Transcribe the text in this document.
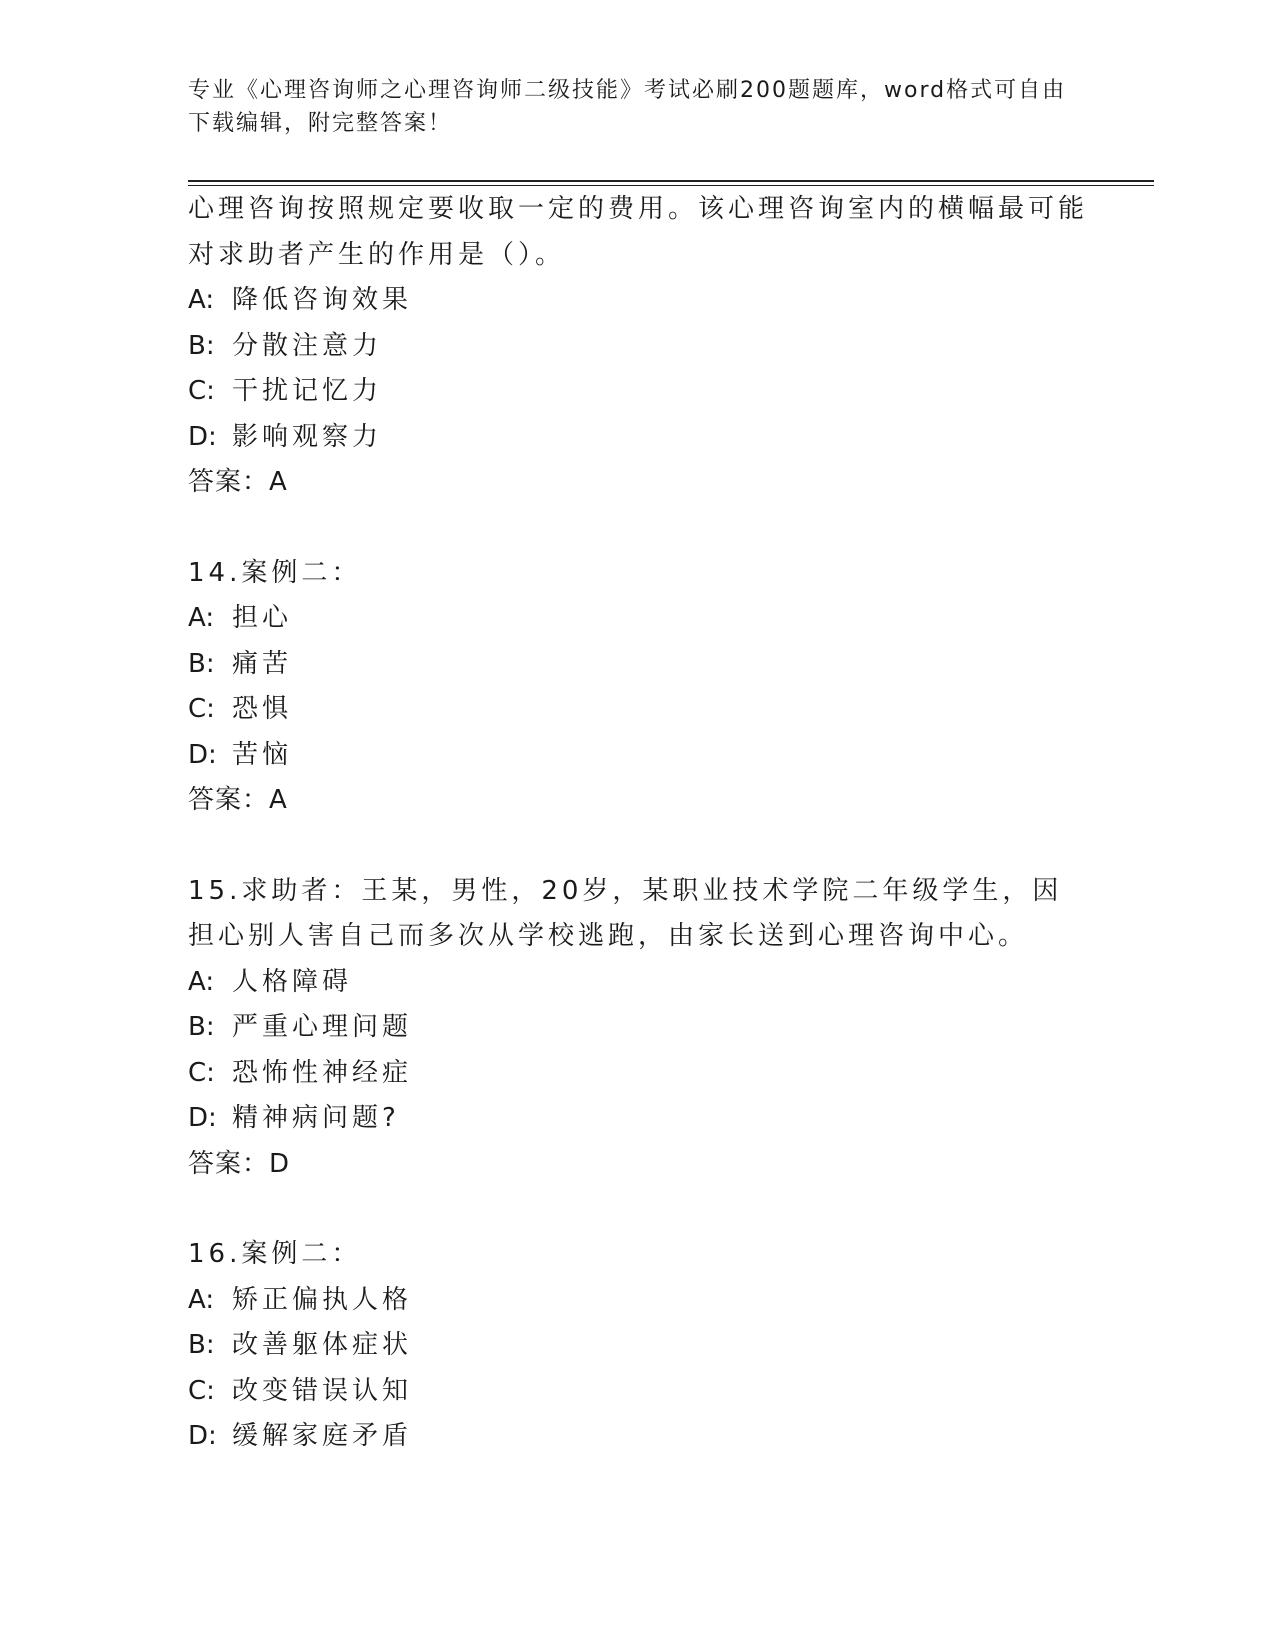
专业《心理咨询师之心理咨询师二级技能》考试必刷200题题库，word格式可自由下载编辑，附完整答案！
心理咨询按照规定要收取一定的费用。该心理咨询室内的横幅最可能对求助者产生的作用是（）。
A: 降低咨询效果
B: 分散注意力
C: 干扰记忆力
D: 影响观察力
答案：A
14.案例二：
A: 担心
B: 痛苦
C: 恐惧
D: 苦恼
答案：A
15.求助者：王某，男性，20岁，某职业技术学院二年级学生，因担心别人害自己而多次从学校逃跑，由家长送到心理咨询中心。
A: 人格障碍
B: 严重心理问题
C: 恐怖性神经症
D: 精神病问题?
答案：D
16.案例二：
A: 矫正偏执人格
B: 改善躯体症状
C: 改变错误认知
D: 缓解家庭矛盾
